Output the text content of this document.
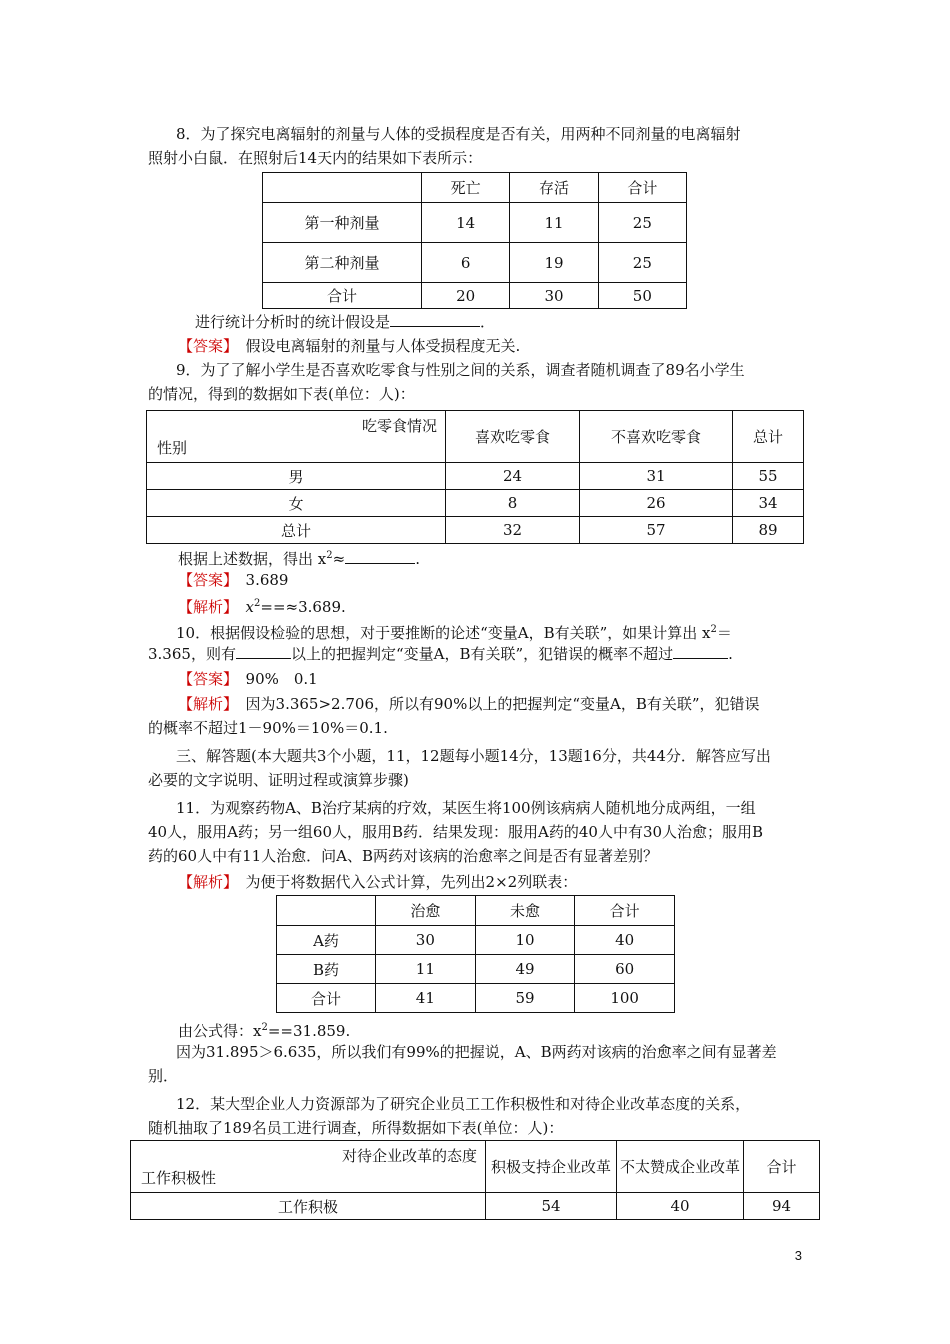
8．为了探究电离辐射的剂量与人体的受损程度是否有关，用两种不同剂量的电离辐射
照射小白鼠．在照射后14天内的结果如下表所示：
	死亡	存活	合计
第一种剂量	14	11	25
第二种剂量	6	19	25
合计	20	30	50
进行统计分析时的统计假设是	．
【答案】　 假设电离辐射的剂量与人体受损程度无关.
9．为了了解小学生是否喜欢吃零食与性别之间的关系，调查者随机调查了89名小学生
的情况，得到的数据如下表(单位：人)：
吃零食情况
性别	喜欢吃零食	不喜欢吃零食	总计
男	24	31	55
女	8	26	34
总计	32	57	89
根据上述数据，得出 $x^2\approx$	.
【答案】　 3.689
【解析】　 $x^2==\approx 3.689$.
10．根据假设检验的思想，对于要推断的论述“变量A，B有关联”，如果计算出 $x^2=$
3.365，则有	以上的把握判定“变量A，B有关联”，犯错误的概率不超过	.
【答案】　 90%　0.1
【解析】　 因为3.365>2.706，所以有90%以上的把握判定“变量A，B有关联”，犯错误
的概率不超过1－90%＝10%＝0.1.
三、解答题(本大题共3个小题，11，12题每小题14分，13题16分，共44分．解答应写出
必要的文字说明、证明过程或演算步骤)
11．为观察药物A、B治疗某病的疗效，某医生将100例该病病人随机地分成两组，一组
40人，服用A药；另一组60人，服用B药．结果发现：服用A药的40人中有30人治愈；服用B
药的60人中有11人治愈．问A、B两药对该病的治愈率之间是否有显著差别？
【解析】　 为便于将数据代入公式计算，先列出2×2列联表：
	治愈	未愈	合计
A药	30	10	40
B药	11	49	60
合计	41	59	100
由公式得：$x^2==31.859$.
因为31.895＞6.635，所以我们有99%的把握说，A、B两药对该病的治愈率之间有显著差
别．
12．某大型企业人力资源部为了研究企业员工工作积极性和对待企业改革态度的关系，
随机抽取了189名员工进行调查，所得数据如下表(单位：人)：
对待企业改革的态度
工作积极性	积极支持企业改革	不太赞成企业改革	合计
工作积极	54	40	94
3
